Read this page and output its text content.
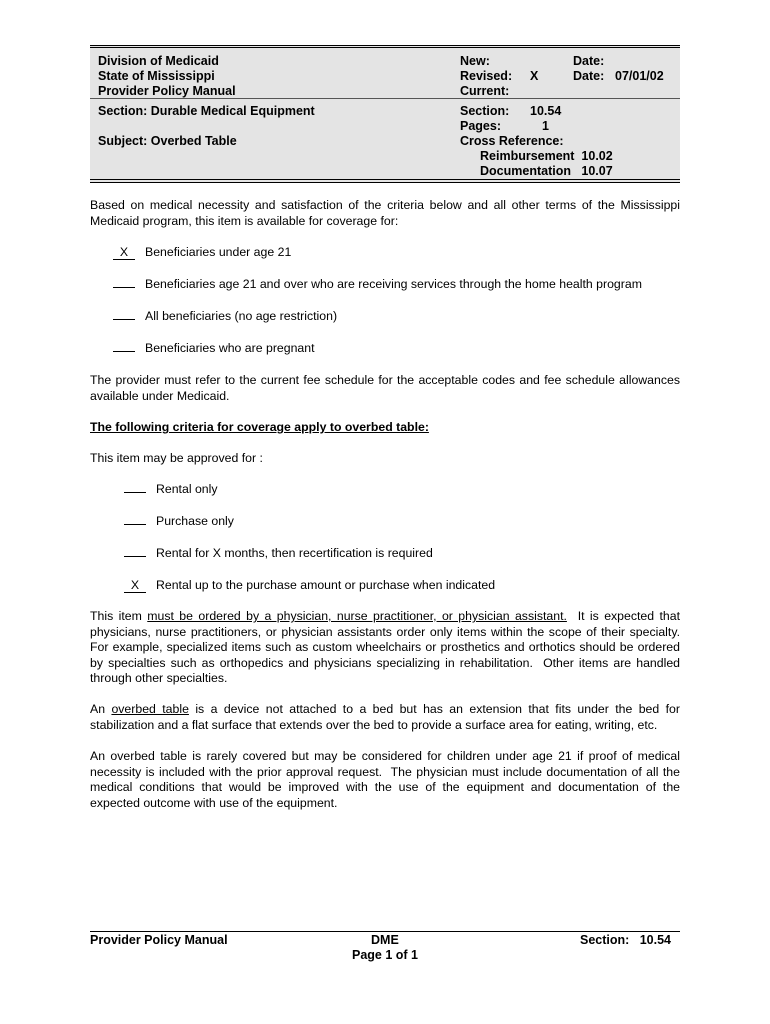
Division of Medicaid
State of Mississippi
Provider Policy Manual
New:
Revised: X
Current:
Date:
Date: 07/01/02
Section: Durable Medical Equipment
Subject: Overbed Table
Section: 10.54
Pages:	1
Cross Reference:
Reimbursement  10.02
Documentation   10.07
Based on medical necessity and satisfaction of the criteria below and all other terms of the Mississippi Medicaid program, this item is available for coverage for:
X Beneficiaries under age 21
Beneficiaries age 21 and over who are receiving services through the home health program
All beneficiaries (no age restriction)
Beneficiaries who are pregnant
The provider must refer to the current fee schedule for the acceptable codes and fee schedule allowances available under Medicaid.
The following criteria for coverage apply to overbed table:
This item may be approved for :
Rental only
Purchase only
Rental for X months, then recertification is required
X Rental up to the purchase amount or purchase when indicated
This item must be ordered by a physician, nurse practitioner, or physician assistant.  It is expected that physicians, nurse practitioners, or physician assistants order only items within the scope of their specialty.  For example, specialized items such as custom wheelchairs or prosthetics and orthotics should be ordered by specialties such as orthopedics and physicians specializing in rehabilitation.  Other items are handled through other specialties.
An overbed table is a device not attached to a bed but has an extension that fits under the bed for stabilization and a flat surface that extends over the bed to provide a surface area for eating, writing, etc.
An overbed table is rarely covered but may be considered for children under age 21 if proof of medical necessity is included with the prior approval request.  The physician must include documentation of all the medical conditions that would be improved with the use of the equipment and documentation of the expected outcome with use of the equipment.
Provider Policy Manual	DME
Page 1 of 1
Section:   10.54
